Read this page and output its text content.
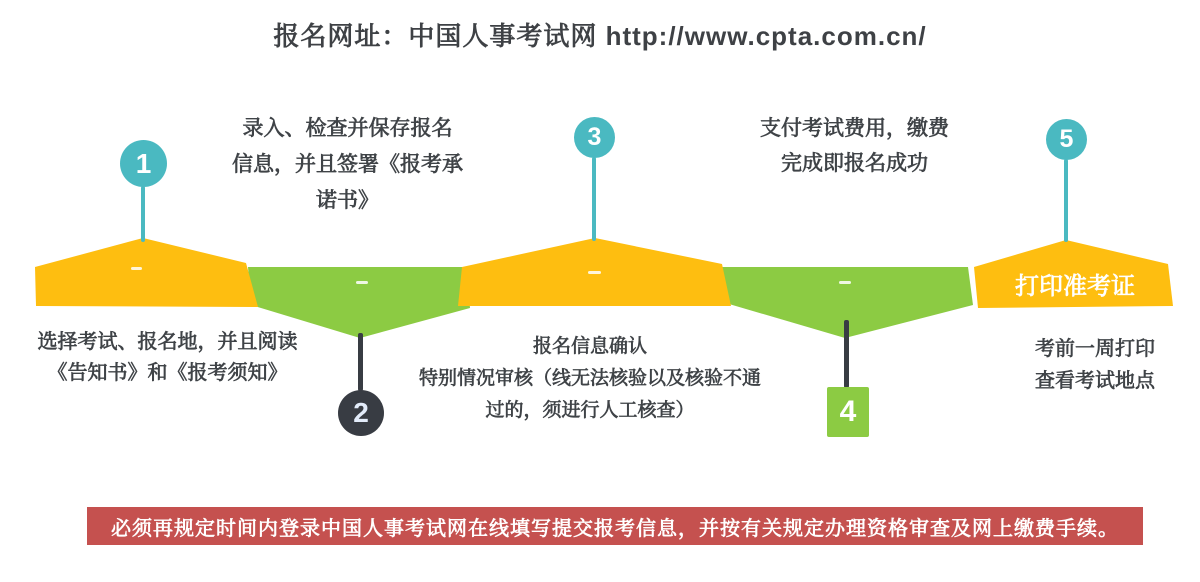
报名网址：中国人事考试网 http://www.cpta.com.cn/
打印准考证
1
2
3
4
5
选择考试、报名地，并且阅读
《告知书》和《报考须知》
录入、检查并保存报名
信息，并且签署《报考承
诺书》
报名信息确认
特别情况审核（线无法核验以及核验不通
过的，须进行人工核查）
支付考试费用，缴费
完成即报名成功
考前一周打印
查看考试地点
必须再规定时间内登录中国人事考试网在线填写提交报考信息，并按有关规定办理资格审查及网上缴费手续。
